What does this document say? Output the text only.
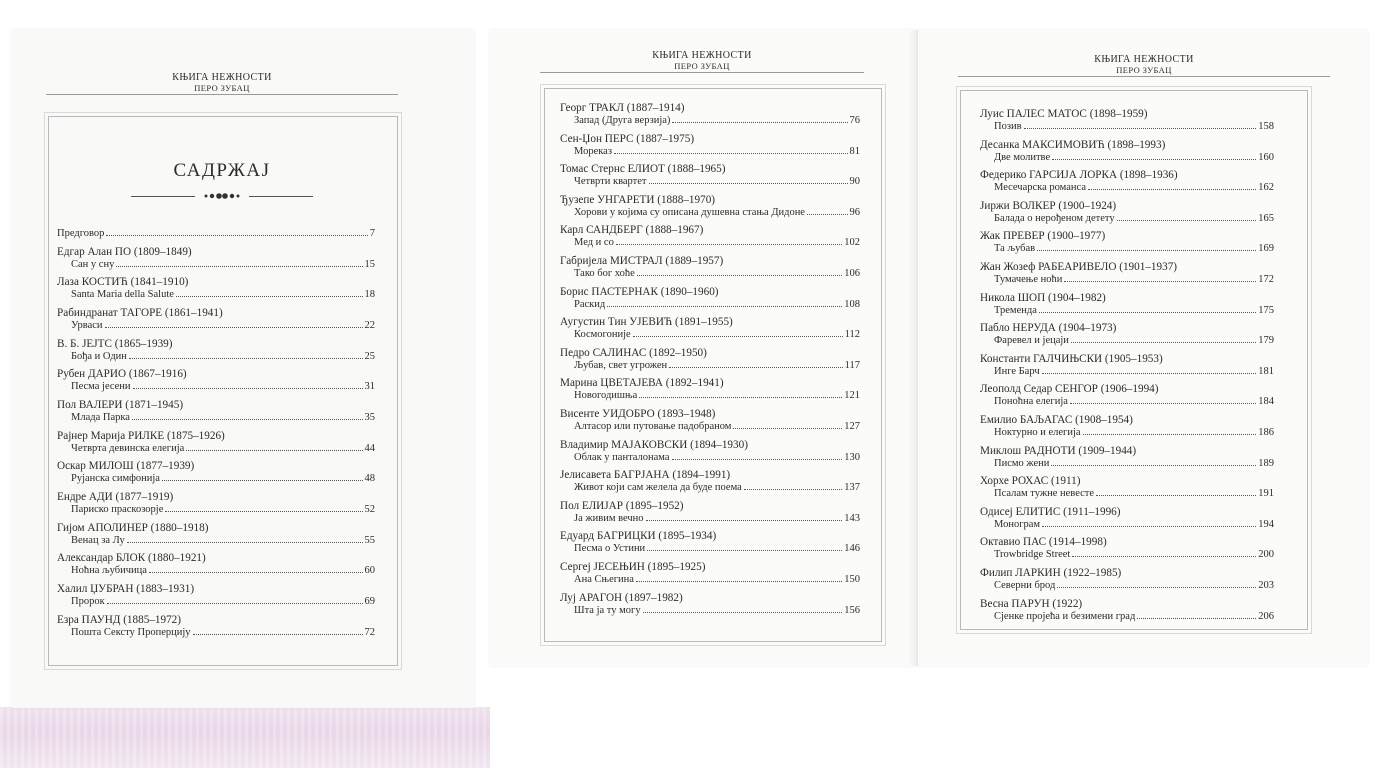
КЊИГА НЕЖНОСТИ
ПЕРО ЗУБАЦ
САДРЖАЈ
Предговор	7
Едгар Алан ПО (1809–1849)
Сан у сну	15
Лаза КОСТИЋ (1841–1910)
Santa Maria della Salute	18
Рабиндранат ТАГОРЕ (1861–1941)
Урваси	22
В. Б. ЈЕЈТС (1865–1939)
Бођа и Один	25
Рубен ДАРИО (1867–1916)
Песма јесени	31
Пол ВАЛЕРИ (1871–1945)
Млада Парка	35
Рајнер Марија РИЛКЕ (1875–1926)
Четврта девинска елегија	44
Оскар МИЛОШ (1877–1939)
Рујанска симфонија	48
Ендре АДИ (1877–1919)
Париско праскозорје	52
Гијом АПОЛИНЕР (1880–1918)
Венац за Лу	55
Александар БЛОК (1880–1921)
Ноћна љубичица	60
Халил ЏУБРАН (1883–1931)
Пророк	69
Езра ПАУНД (1885–1972)
Пошта Сексту Проперцију	72
КЊИГА НЕЖНОСТИ
ПЕРО ЗУБАЦ
Георг ТРАКЛ (1887–1914)
Запад (Друга верзија)	76
Сен-Џон ПЕРС (1887–1975)
Мореказ	81
Томас Стернс ЕЛИОТ (1888–1965)
Четврти квартет	90
Ђузепе УНГАРЕТИ (1888–1970)
Хорови у којима су описана душевна стања Дидоне	96
Карл САНДБЕРГ (1888–1967)
Мед и со	102
Габријела МИСТРАЛ (1889–1957)
Тако бог хоће	106
Борис ПАСТЕРНАК (1890–1960)
Раскид	108
Аугустин Тин УЈЕВИЋ (1891–1955)
Космогоније	112
Педро САЛИНАС (1892–1950)
Љубав, свет угрожен	117
Марина ЦВЕТАЈЕВА (1892–1941)
Новогодишња	121
Висенте УИДОБРО (1893–1948)
Алтасор или путовање падобраном	127
Владимир МАЈАКОВСКИ (1894–1930)
Облак у панталонама	130
Јелисавета БАГРЈАНА (1894–1991)
Живот који сам желела да буде поема	137
Пол ЕЛИЈАР (1895–1952)
Ја живим вечно	143
Едуард БАГРИЦКИ (1895–1934)
Песма о Устини	146
Сергеј ЈЕСЕЊИН (1895–1925)
Ана Сњегина	150
Луј АРАГОН (1897–1982)
Шта ја ту могу	156
КЊИГА НЕЖНОСТИ
ПЕРО ЗУБАЦ
Луис ПАЛЕС МАТОС (1898–1959)
Позив	158
Десанка МАКСИМОВИЋ (1898–1993)
Две молитве	160
Федерико ГАРСИЈА ЛОРКА (1898–1936)
Месечарска романса	162
Јиржи ВОЛКЕР (1900–1924)
Балада о нерођеном детету	165
Жак ПРЕВЕР (1900–1977)
Та љубав	169
Жан Жозеф РАБЕАРИВЕЛО (1901–1937)
Тумачење ноћи	172
Никола ШОП (1904–1982)
Тремендa	175
Пабло НЕРУДА (1904–1973)
Фаревел и јецаји	179
Константи ГАЛЧИЊСКИ (1905–1953)
Инге Барч	181
Леополд Седар СЕНГОР (1906–1994)
Поноћна елегија	184
Емилио БАЉАГАС (1908–1954)
Ноктурно и елегија	186
Миклош РАДНОТИ (1909–1944)
Писмо жени	189
Хорхе РОХАС (1911)
Псалам тужне невесте	191
Одисеј ЕЛИТИС (1911–1996)
Монограм	194
Октавио ПАС (1914–1998)
Trowbridge Street	200
Филип ЛАРКИН (1922–1985)
Северни брод	203
Весна ПАРУН (1922)
Сјенке пројећа и безимени град	206
